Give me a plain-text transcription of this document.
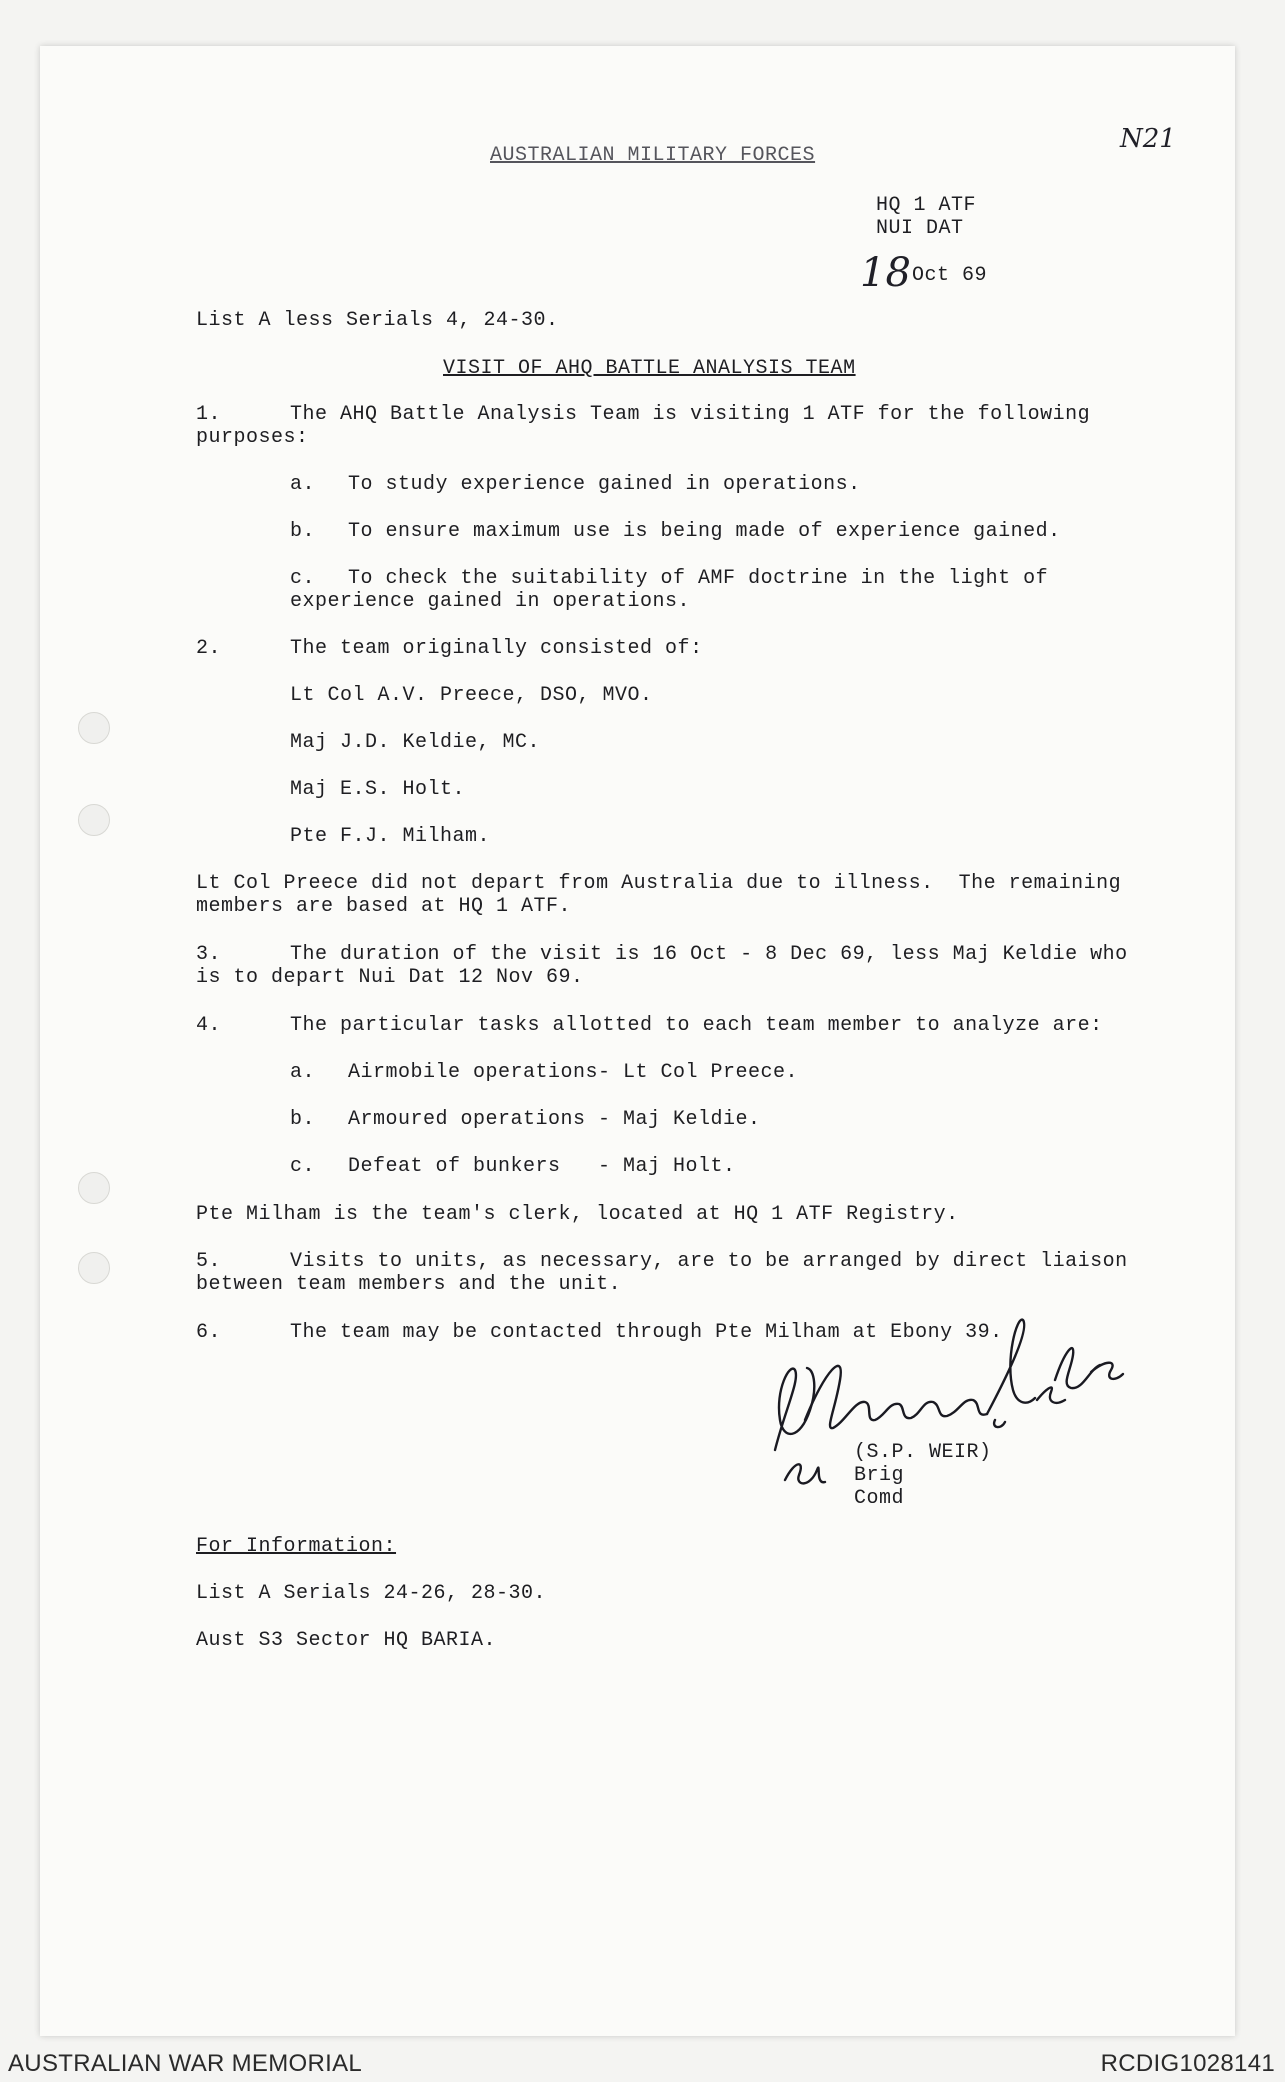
AUSTRALIAN MILITARY FORCES
N21
HQ 1 ATF
NUI DAT
18 Oct 69
List A less Serials 4, 24-30.
VISIT OF AHQ BATTLE ANALYSIS TEAM
1.	The AHQ Battle Analysis Team is visiting 1 ATF for the following
purposes:
a. To study experience gained in operations.
b. To ensure maximum use is being made of experience gained.
c. To check the suitability of AMF doctrine in the light of
experience gained in operations.
2.	The team originally consisted of:
Lt Col A.V. Preece, DSO, MVO.
Maj J.D. Keldie, MC.
Maj E.S. Holt.
Pte F.J. Milham.
Lt Col Preece did not depart from Australia due to illness.  The remaining
members are based at HQ 1 ATF.
3.	The duration of the visit is 16 Oct - 8 Dec 69, less Maj Keldie who
is to depart Nui Dat 12 Nov 69.
4.	The particular tasks allotted to each team member to analyze are:
a. Airmobile operations - Lt Col Preece.
b. Armoured operations - Maj Keldie.
c. Defeat of bunkers - Maj Holt.
Pte Milham is the team's clerk, located at HQ 1 ATF Registry.
5.	Visits to units, as necessary, are to be arranged by direct liaison
between team members and the unit.
6.	The team may be contacted through Pte Milham at Ebony 39.
(S.P. WEIR)
Brig
Comd
For Information:
List A Serials 24-26, 28-30.
Aust S3 Sector HQ BARIA.
AUSTRALIAN WAR MEMORIAL	RCDIG1028141
